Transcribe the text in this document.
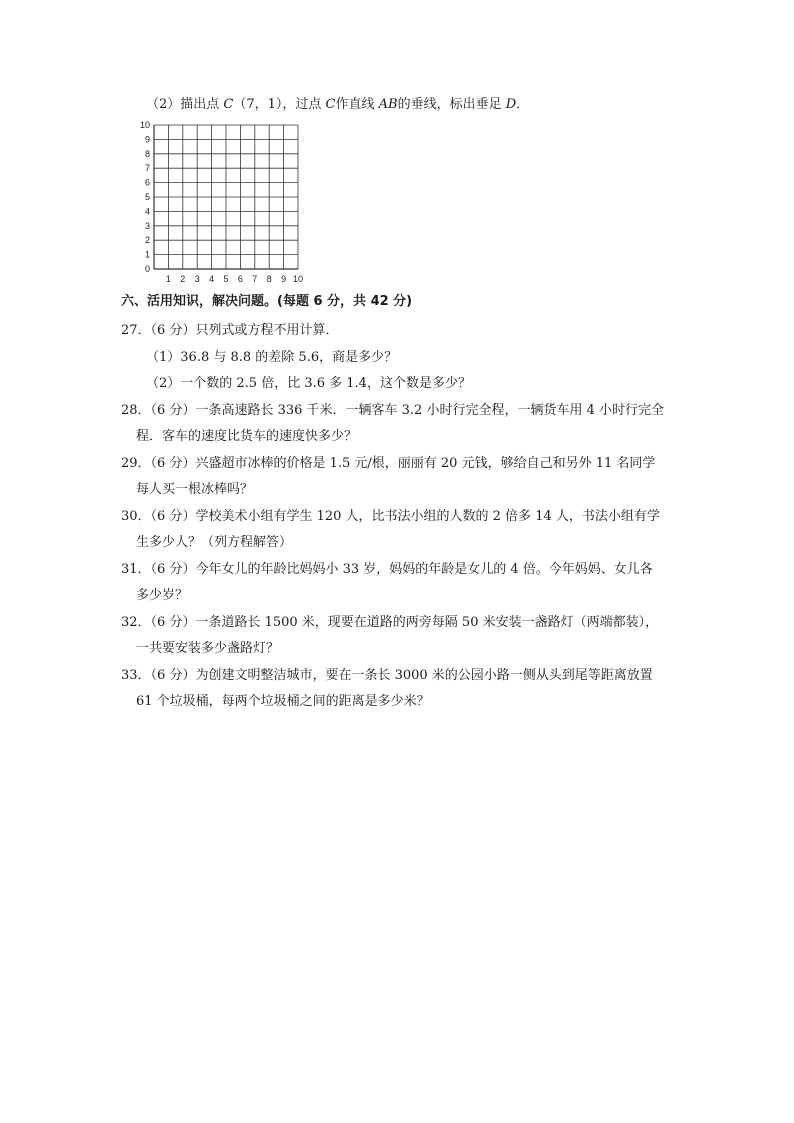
（2）描出点 C（7，1），过点 C作直线 AB的垂线，标出垂足 D．
0
1
2
3
4
5
6
7
8
9
10
1 2 3 4 5 6 7 8 9 10
六、活用知识，解决问题。(每题 6 分，共 42 分)
27．（6 分）只列式或方程不用计算．
（1）36.8 与 8.8 的差除 5.6，商是多少？
（2）一个数的 2.5 倍，比 3.6 多 1.4，这个数是多少？
28．（6 分）一条高速路长 336 千米．一辆客车 3.2 小时行完全程，一辆货车用 4 小时行完全
程．客车的速度比货车的速度快多少？
29．（6 分）兴盛超市冰棒的价格是 1.5 元/根，丽丽有 20 元钱，够给自己和另外 11 名同学
每人买一根冰棒吗？
30．（6 分）学校美术小组有学生 120 人，比书法小组的人数的 2 倍多 14 人，书法小组有学
生多少人？（列方程解答）
31．（6 分）今年女儿的年龄比妈妈小 33 岁，妈妈的年龄是女儿的 4 倍。今年妈妈、女儿各
多少岁？
32．（6 分）一条道路长 1500 米，现要在道路的两旁每隔 50 米安装一盏路灯（两端都装），
一共要安装多少盏路灯？
33．（6 分）为创建文明整洁城市，要在一条长 3000 米的公园小路一侧从头到尾等距离放置
61 个垃圾桶，每两个垃圾桶之间的距离是多少米？
